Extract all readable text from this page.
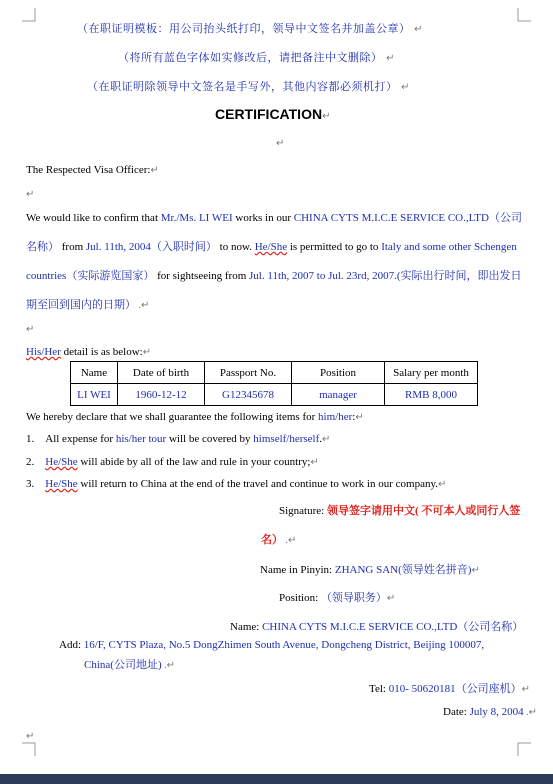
（在职证明模板：用公司抬头纸打印，领导中文签名并加盖公章） ↵
（将所有蓝色字体如实修改后，请把备注中文删除） ↵
（在职证明除领导中文签名是手写外，其他内容都必须机打） ↵
CERTIFICATION↵
↵
The Respected Visa Officer:↵
↵
We would like to confirm that Mr./Ms. LI WEI works in our CHINA CYTS M.I.C.E SERVICE CO.,LTD（公司
名称） from Jul. 11th, 2004（入职时间） to now. He/She is permitted to go to Italy and some other Schengen
countries（实际游览国家） for sightseeing from Jul. 11th, 2007 to Jul. 23rd, 2007.(实际出行时间，即出发日
期至回到国内的日期） .↵
↵
His/Her detail is as below:↵
Name	Date of birth	Passport No.	Position	Salary per month
LI WEI	1960-12-12	G12345678	manager	RMB 8,000
We hereby declare that we shall guarantee the following items for him/her:↵
1. All expense for his/her tour will be covered by himself/herself.↵
2. He/She will abide by all of the law and rule in your country;↵
3. He/She will return to China at the end of the travel and continue to work in our company.↵
Signature: 领导签字请用中文( 不可本人或同行人签
名） .↵
Name in Pinyin: ZHANG SAN(领导姓名拼音)↵
Position: （领导职务）↵
Name: CHINA CYTS M.I.C.E SERVICE CO.,LTD（公司名称）
Add: 16/F, CYTS Plaza, No.5 DongZhimen South Avenue, Dongcheng District, Beijing 100007,
China(公司地址) .↵
Tel: 010- 50620181（公司座机）↵
Date: July 8, 2004 .↵
↵
